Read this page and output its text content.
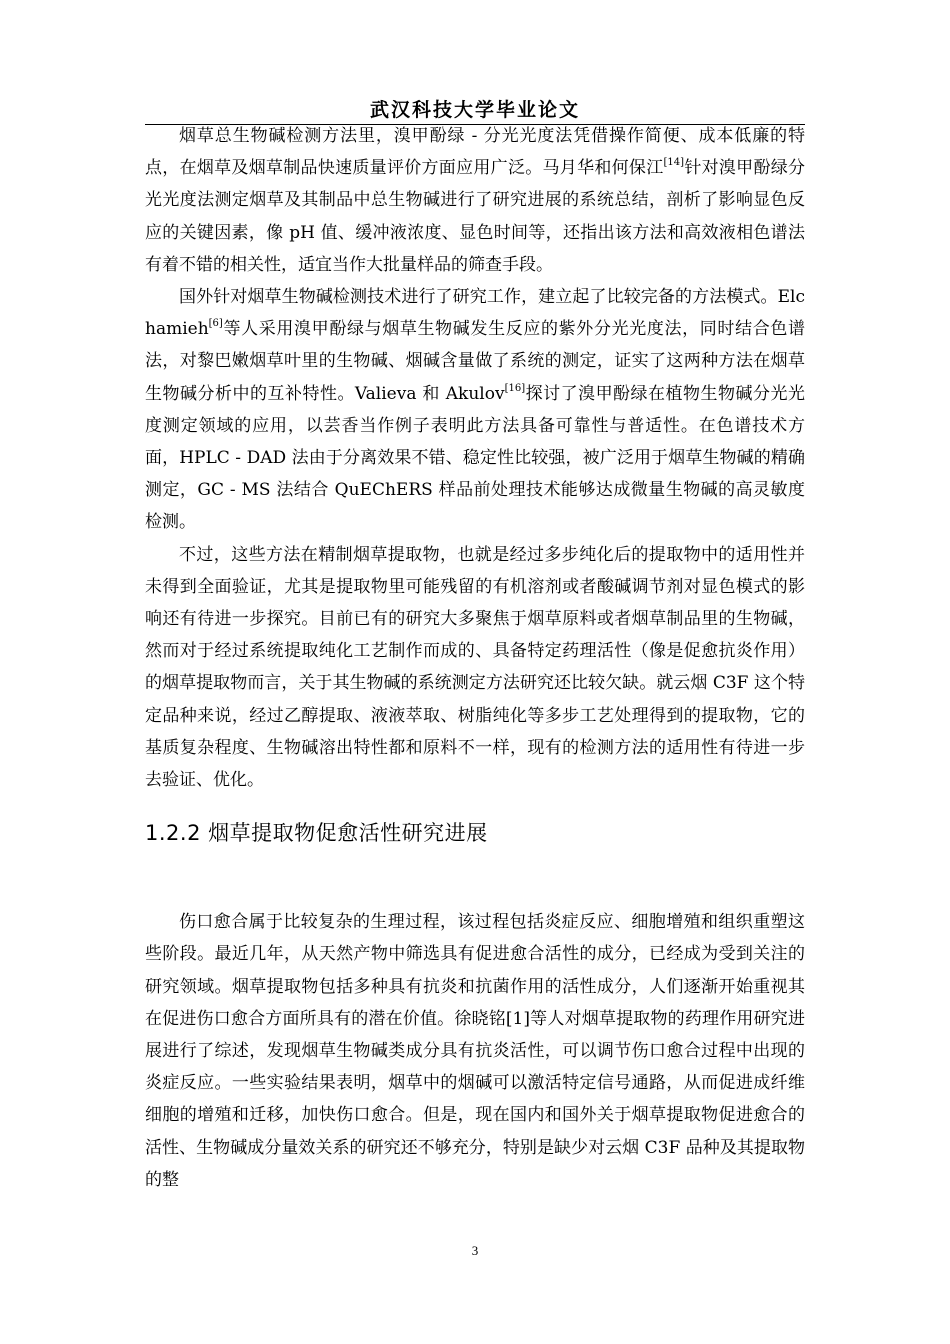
武汉科技大学毕业论文

烟草总生物碱检测方法里，溴甲酚绿 - 分光光度法凭借操作简便、成本低廉的特点，在烟草及烟草制品快速质量评价方面应用广泛。马月华和何保江[14]针对溴甲酚绿分光光度法测定烟草及其制品中总生物碱进行了研究进展的系统总结，剖析了影响显色反应的关键因素，像 pH 值、缓冲液浓度、显色时间等，还指出该方法和高效液相色谱法有着不错的相关性，适宜当作大批量样品的筛查手段。

国外针对烟草生物碱检测技术进行了研究工作，建立起了比较完备的方法模式。Elchamieh[6]等人采用溴甲酚绿与烟草生物碱发生反应的紫外分光光度法，同时结合色谱法，对黎巴嫩烟草叶里的生物碱、烟碱含量做了系统的测定，证实了这两种方法在烟草生物碱分析中的互补特性。Valieva 和 Akulov[16]探讨了溴甲酚绿在植物生物碱分光光度测定领域的应用，以芸香当作例子表明此方法具备可靠性与普适性。在色谱技术方面，HPLC - DAD 法由于分离效果不错、稳定性比较强，被广泛用于烟草生物碱的精确测定，GC - MS 法结合 QuEChERS 样品前处理技术能够达成微量生物碱的高灵敏度检测。

不过，这些方法在精制烟草提取物，也就是经过多步纯化后的提取物中的适用性并未得到全面验证，尤其是提取物里可能残留的有机溶剂或者酸碱调节剂对显色模式的影响还有待进一步探究。目前已有的研究大多聚焦于烟草原料或者烟草制品里的生物碱，然而对于经过系统提取纯化工艺制作而成的、具备特定药理活性（像是促愈抗炎作用）的烟草提取物而言，关于其生物碱的系统测定方法研究还比较欠缺。就云烟 C3F 这个特定品种来说，经过乙醇提取、液液萃取、树脂纯化等多步工艺处理得到的提取物，它的基质复杂程度、生物碱溶出特性都和原料不一样，现有的检测方法的适用性有待进一步去验证、优化。

1.2.2 烟草提取物促愈活性研究进展

伤口愈合属于比较复杂的生理过程，该过程包括炎症反应、细胞增殖和组织重塑这些阶段。最近几年，从天然产物中筛选具有促进愈合活性的成分，已经成为受到关注的研究领域。烟草提取物包括多种具有抗炎和抗菌作用的活性成分，人们逐渐开始重视其在促进伤口愈合方面所具有的潜在价值。徐晓铭[1]等人对烟草提取物的药理作用研究进展进行了综述，发现烟草生物碱类成分具有抗炎活性，可以调节伤口愈合过程中出现的炎症反应。一些实验结果表明，烟草中的烟碱可以激活特定信号通路，从而促进成纤维细胞的增殖和迁移，加快伤口愈合。但是，现在国内和国外关于烟草提取物促进愈合的活性、生物碱成分量效关系的研究还不够充分，特别是缺少对云烟 C3F 品种及其提取物的整

3
